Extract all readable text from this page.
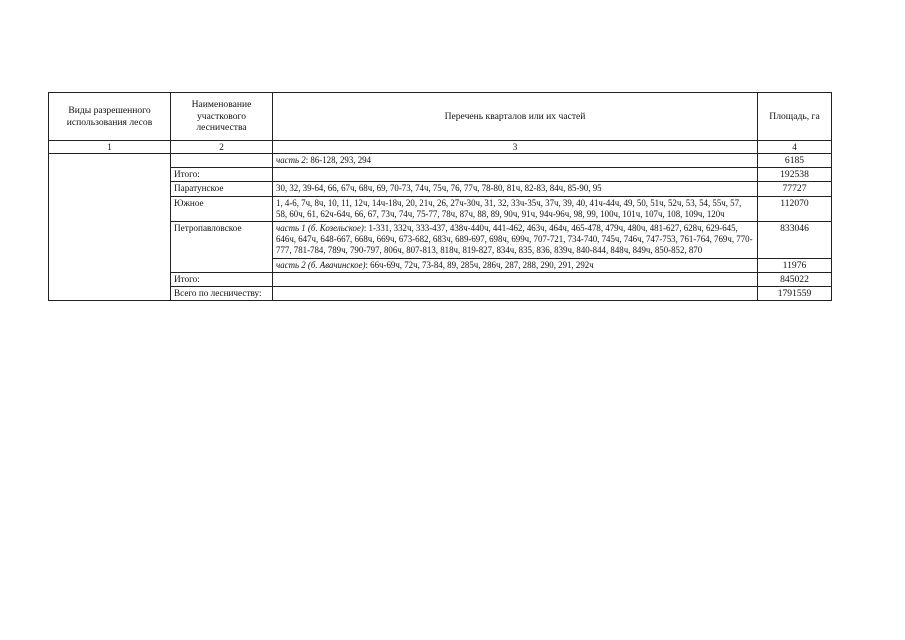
Виды разрешенного использования лесов	Наименование участкового лесничества	Перечень кварталов или их частей	Площадь, га
1	2	3	4
		часть 2: 86-128, 293, 294	6185
	Итого:		192538
	Паратунское	30, 32, 39-64, 66, 67ч, 68ч, 69, 70-73, 74ч, 75ч, 76, 77ч, 78-80, 81ч, 82-83, 84ч, 85-90, 95	77727
	Южное	1, 4-6, 7ч, 8ч, 10, 11, 12ч, 14ч-18ч, 20, 21ч, 26, 27ч-30ч, 31, 32, 33ч-35ч, 37ч, 39, 40, 41ч-44ч, 49, 50, 51ч, 52ч, 53, 54, 55ч, 57, 58, 60ч, 61, 62ч-64ч, 66, 67, 73ч, 74ч, 75-77, 78ч, 87ч, 88, 89, 90ч, 91ч, 94ч-96ч, 98, 99, 100ч, 101ч, 107ч, 108, 109ч, 120ч	112070
	Петропавловское	часть 1 (б. Козельское): 1-331, 332ч, 333-437, 438ч-440ч, 441-462, 463ч, 464ч, 465-478, 479ч, 480ч, 481-627, 628ч, 629-645, 646ч, 647ч, 648-667, 668ч, 669ч, 673-682, 683ч, 689-697, 698ч, 699ч, 707-721, 734-740, 745ч, 746ч, 747-753, 761-764, 769ч, 770-777, 781-784, 789ч, 790-797, 806ч, 807-813, 818ч, 819-827, 834ч, 835, 836, 839ч, 840-844, 848ч, 849ч, 850-852, 870	833046
		часть 2 (б. Авачинское): 66ч-69ч, 72ч, 73-84, 89, 285ч, 286ч, 287, 288, 290, 291, 292ч	11976
	Итого:		845022
	Всего по лесничеству:		1791559
